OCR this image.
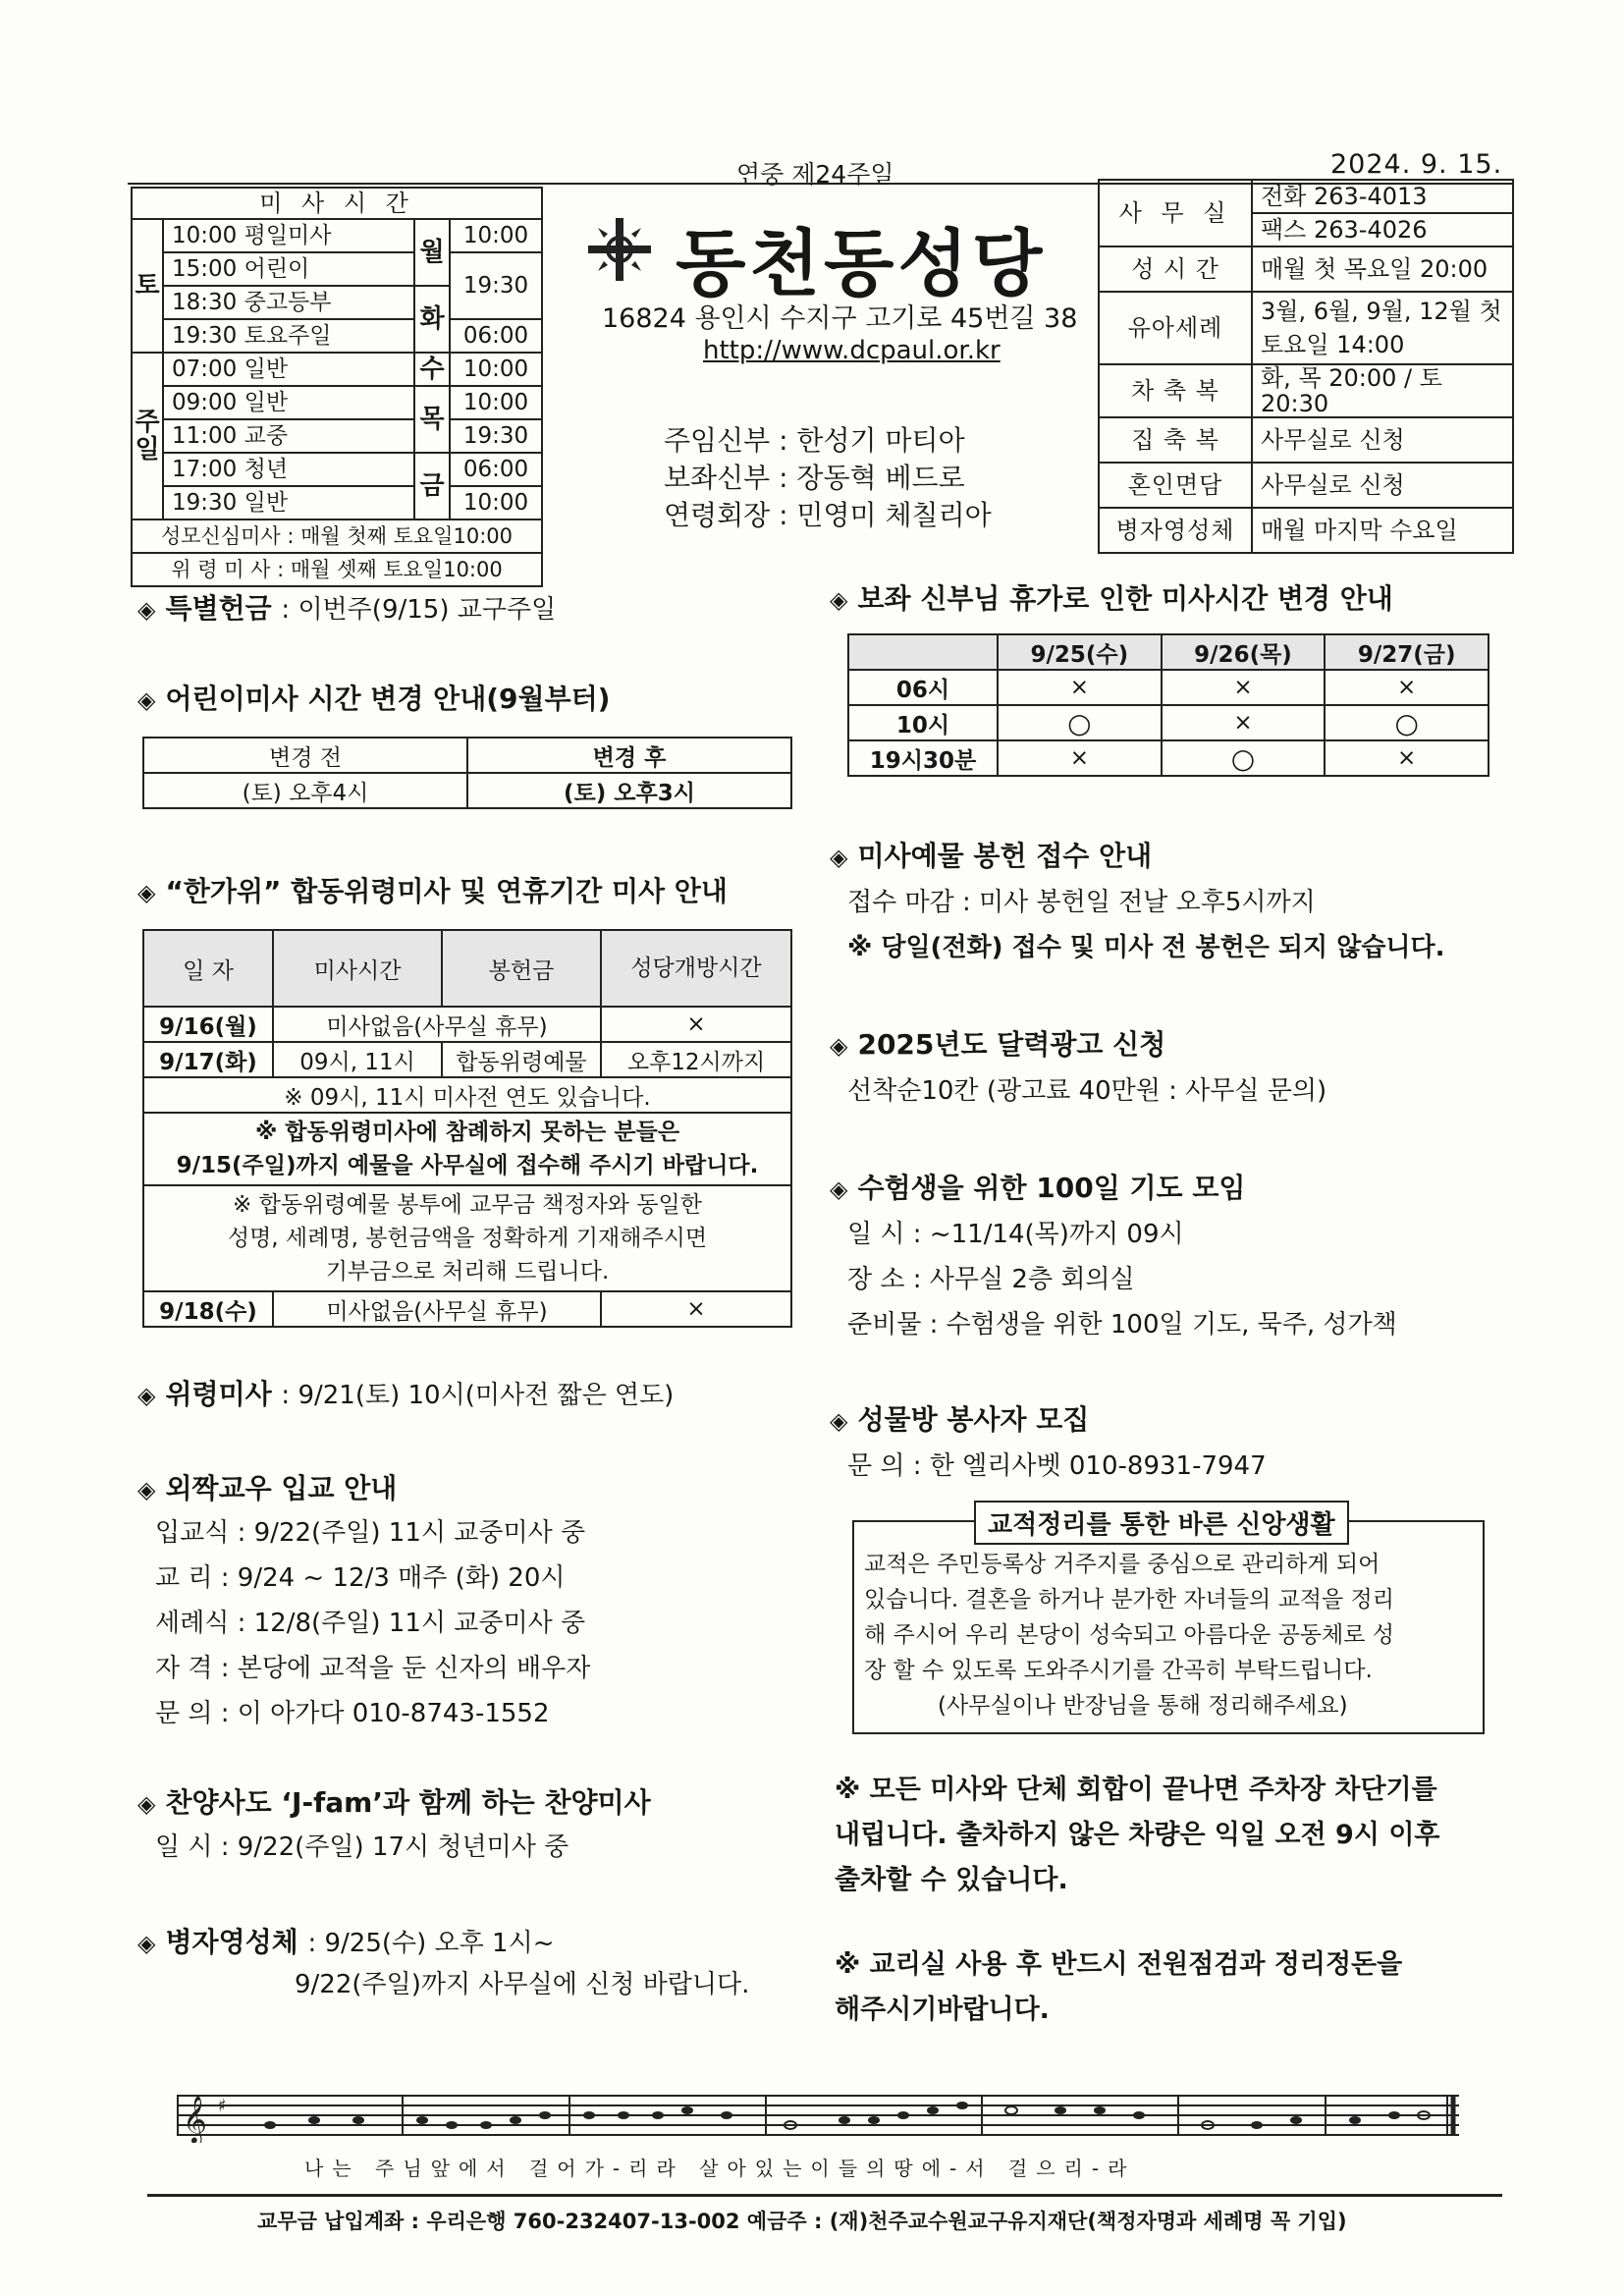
연중 제24주일	2024. 9. 15.
미 사 시 간			
토	10:00 평일미사	월	10:00
	15:00 어린이		19:30
	18:30 중고등부	화	
	19:30 토요주일		06:00
주일	07:00 일반	수	10:00
	09:00 일반	목	10:00
	11:00 교중		19:30
	17:00 청년	금	06:00
	19:30 일반		10:00
성모신심미사 : 매월 첫째 토요일10:00			
위 령 미 사 : 매월 셋째 토요일10:00			
동천동성당
16824 용인시 수지구 고기로 45번길 38
http://www.dcpaul.or.kr
주임신부 : 한성기 마티아
보좌신부 : 장동혁 베드로
연령회장 : 민영미 체칠리아
사 무 실	전화 263-4013
	팩스 263-4026
성 시 간	매월 첫 목요일 20:00
유아세례	3월, 6월, 9월, 12월 첫 토요일 14:00
차 축 복	화, 목 20:00 / 토 20:30
집 축 복	사무실로 신청
혼인면담	사무실로 신청
병자영성체	매월 마지막 수요일
◈ 특별헌금 : 이번주(9/15) 교구주일
◈ 어린이미사 시간 변경 안내(9월부터)
변경 전	변경 후
(토) 오후4시	(토) 오후3시
◈ “한가위” 합동위령미사 및 연휴기간 미사 안내
일 자	미사시간	봉헌금	성당개방시간
9/16(월)	미사없음(사무실 휴무)		×
9/17(화)	09시, 11시	합동위령예물	오후12시까지
※ 09시, 11시 미사전 연도 있습니다.			

※ 합동위령미사에 참례하지 못하는 분들은
9/15(주일)까지 예물을 사무실에 접수해 주시기 바랍니다.			

※ 합동위령예물 봉투에 교무금 책정자와 동일한
성명, 세례명, 봉헌금액을 정확하게 기재해주시면
기부금으로 처리해 드립니다.			

9/18(수)	미사없음(사무실 휴무)		×
◈ 위령미사 : 9/21(토) 10시(미사전 짧은 연도)
◈ 외짝교우 입교 안내
입교식 : 9/22(주일) 11시 교중미사 중
교 리 : 9/24 ~ 12/3 매주 (화) 20시
세례식 : 12/8(주일) 11시 교중미사 중
자 격 : 본당에 교적을 둔 신자의 배우자
문 의 : 이 아가다 010-8743-1552
◈ 찬양사도 ‘J-fam’과 함께 하는 찬양미사
일 시 : 9/22(주일) 17시 청년미사 중
◈ 병자영성체 : 9/25(수) 오후 1시~
9/22(주일)까지 사무실에 신청 바랍니다.
◈ 보좌 신부님 휴가로 인한 미사시간 변경 안내
	9/25(수)	9/26(목)	9/27(금)
06시	×	×	×
10시	○	×	○
19시30분	×	○	×
◈ 미사예물 봉헌 접수 안내
접수 마감 : 미사 봉헌일 전날 오후5시까지
※ 당일(전화) 접수 및 미사 전 봉헌은 되지 않습니다.
◈ 2025년도 달력광고 신청
선착순10칸 (광고료 40만원 : 사무실 문의)
◈ 수험생을 위한 100일 기도 모임
일 시 : ~11/14(목)까지 09시
장 소 : 사무실 2층 회의실
준비물 : 수험생을 위한 100일 기도, 묵주, 성가책
◈ 성물방 봉사자 모집
문 의 : 한 엘리사벳 010-8931-7947
교적정리를 통한 바른 신앙생활
교적은 주민등록상 거주지를 중심으로 관리하게 되어
있습니다. 결혼을 하거나 분가한 자녀들의 교적을 정리
해 주시어 우리 본당이 성숙되고 아름다운 공동체로 성
장 할 수 있도록 도와주시기를 간곡히 부탁드립니다.
(사무실이나 반장님을 통해 정리해주세요)
※ 모든 미사와 단체 회합이 끝나면 주차장 차단기를
내립니다. 출차하지 않은 차량은 익일 오전 9시 이후
출차할 수 있습니다.
※ 교리실 사용 후 반드시 전원점검과 정리정돈을
해주시기바랍니다.
𝄞 ♯
나는 주님앞에서 걸어가-리라 살아있는이들의땅에-서 걸으리-라
교무금 납입계좌 : 우리은행 760-232407-13-002 예금주 : (재)천주교수원교구유지재단(책정자명과 세례명 꼭 기입)
